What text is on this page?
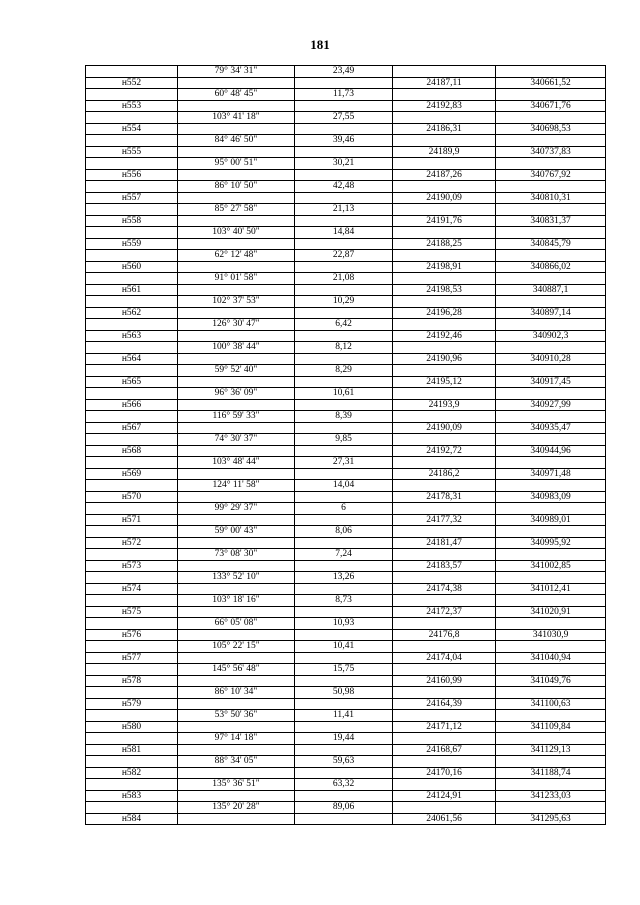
181
	79° 34' 31"	23,49		
н552			24187,11	340661,52
	60° 48' 45"	11,73		
н553			24192,83	340671,76
	103° 41' 18"	27,55		
н554			24186,31	340698,53
	84° 46' 50"	39,46		
н555			24189,9	340737,83
	95° 00' 51"	30,21		
н556			24187,26	340767,92
	86° 10' 50"	42,48		
н557			24190,09	340810,31
	85° 27' 58"	21,13		
н558			24191,76	340831,37
	103° 40' 50"	14,84		
н559			24188,25	340845,79
	62° 12' 48"	22,87		
н560			24198,91	340866,02
	91° 01' 58"	21,08		
н561			24198,53	340887,1
	102° 37' 53"	10,29		
н562			24196,28	340897,14
	126° 30' 47"	6,42		
н563			24192,46	340902,3
	100° 38' 44"	8,12		
н564			24190,96	340910,28
	59° 52' 40"	8,29		
н565			24195,12	340917,45
	96° 36' 09"	10,61		
н566			24193,9	340927,99
	116° 59' 33"	8,39		
н567			24190,09	340935,47
	74° 30' 37"	9,85		
н568			24192,72	340944,96
	103° 48' 44"	27,31		
н569			24186,2	340971,48
	124° 11' 58"	14,04		
н570			24178,31	340983,09
	99° 29' 37"	6		
н571			24177,32	340989,01
	59° 00' 43"	8,06		
н572			24181,47	340995,92
	73° 08' 30"	7,24		
н573			24183,57	341002,85
	133° 52' 10"	13,26		
н574			24174,38	341012,41
	103° 18' 16"	8,73		
н575			24172,37	341020,91
	66° 05' 08"	10,93		
н576			24176,8	341030,9
	105° 22' 15"	10,41		
н577			24174,04	341040,94
	145° 56' 48"	15,75		
н578			24160,99	341049,76
	86° 10' 34"	50,98		
н579			24164,39	341100,63
	53° 50' 36"	11,41		
н580			24171,12	341109,84
	97° 14' 18"	19,44		
н581			24168,67	341129,13
	88° 34' 05"	59,63		
н582			24170,16	341188,74
	135° 36' 51"	63,32		
н583			24124,91	341233,03
	135° 20' 28"	89,06		
н584			24061,56	341295,63
